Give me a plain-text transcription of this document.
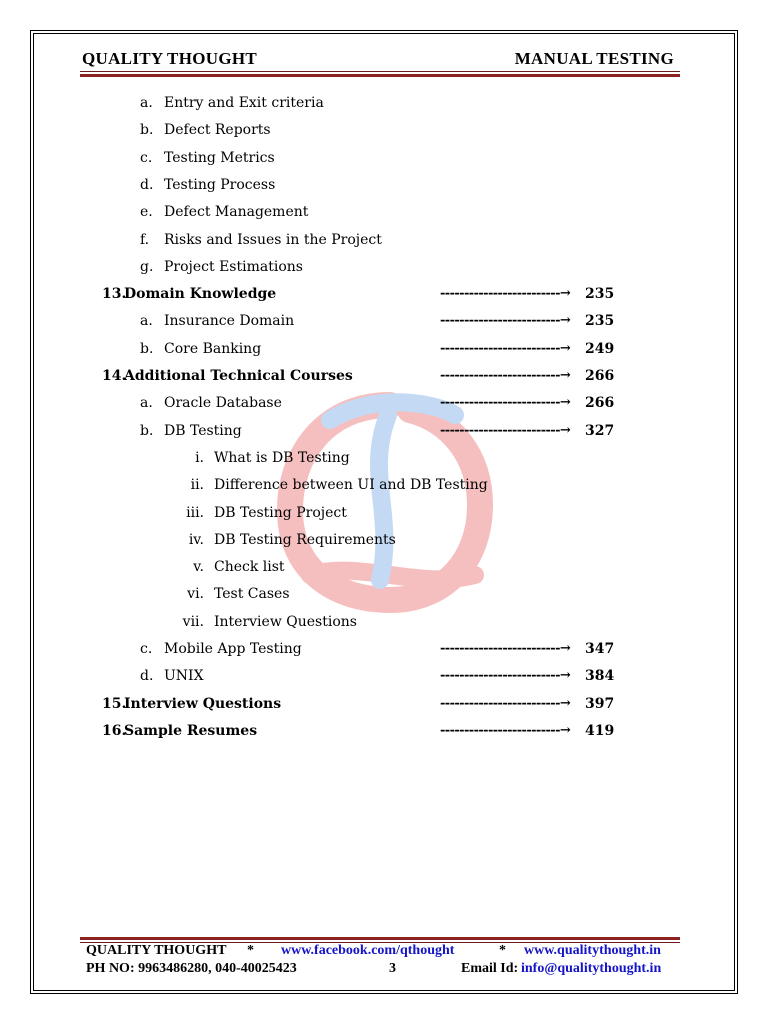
QUALITY THOUGHT	MANUAL TESTING
a. Entry and Exit criteria
b. Defect Reports
c. Testing Metrics
d. Testing Process
e. Defect Management
f. Risks and Issues in the Project
g. Project Estimations
13.
Domain Knowledge	-------------------------→ 235
a. Insurance Domain	-------------------------→ 235
b. Core Banking	-------------------------→ 249
14.
Additional Technical Courses	-------------------------→ 266
a. Oracle Database	-------------------------→ 266
b. DB Testing	-------------------------→ 327
i. What is DB Testing
ii. Difference between UI and DB Testing
iii. DB Testing Project
iv. DB Testing Requirements
v. Check list
vi. Test Cases
vii. Interview Questions
c. Mobile App Testing	-------------------------→ 347
d. UNIX	-------------------------→ 384
15.
Interview Questions	-------------------------→ 397
16.
Sample Resumes	-------------------------→ 419
QUALITY THOUGHT * www.facebook.com/qthought	* www.qualitythought.in
PH NO: 9963486280, 040-40025423	3	Email Id: info@qualitythought.in
